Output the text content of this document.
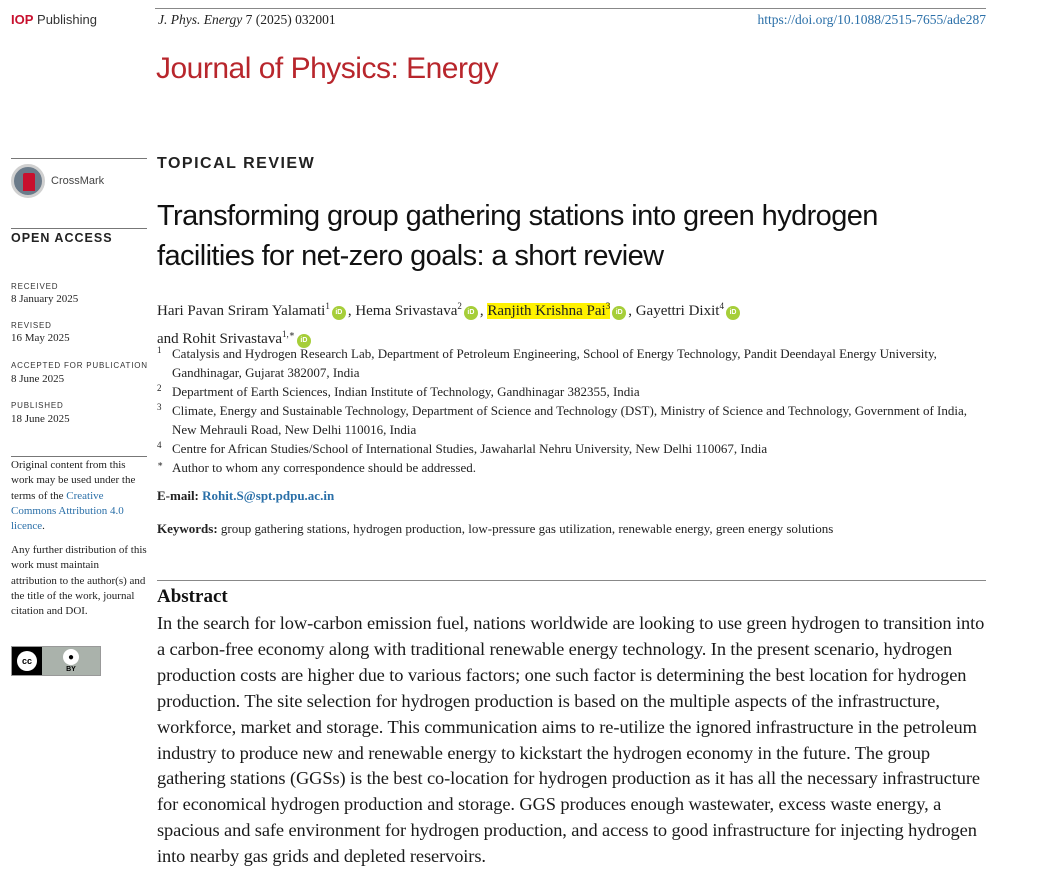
IOP Publishing	J. Phys. Energy 7 (2025) 032001	https://doi.org/10.1088/2515-7655/ade287
Journal of Physics: Energy
CrossMark
OPEN ACCESS
RECEIVED
8 January 2025
REVISED
16 May 2025
ACCEPTED FOR PUBLICATION
8 June 2025
PUBLISHED
18 June 2025
Original content from this work may be used under the terms of the Creative Commons Attribution 4.0 licence.
Any further distribution of this work must maintain attribution to the author(s) and the title of the work, journal citation and DOI.
cc	●
BY
TOPICAL REVIEW
Transforming group gathering stations into green hydrogen
facilities for net-zero goals: a short review
Hari Pavan Sriram Yalamati$^1$iD , Hema Srivastava$^2$iD , Ranjith Krishna Pai$^3$iD , Gayettri Dixit$^4$iD
and Rohit Srivastava$^{1,∗}$iD
1 Catalysis and Hydrogen Research Lab, Department of Petroleum Engineering, School of Energy Technology, Pandit Deendayal Energy University, Gandhinagar, Gujarat 382007, India
2 Department of Earth Sciences, Indian Institute of Technology, Gandhinagar 382355, India
3 Climate, Energy and Sustainable Technology, Department of Science and Technology (DST), Ministry of Science and Technology, Government of India, New Mehrauli Road, New Delhi 110016, India
4 Centre for African Studies/School of International Studies, Jawaharlal Nehru University, New Delhi 110067, India
∗ Author to whom any correspondence should be addressed.
E-mail: Rohit.S@spt.pdpu.ac.in
Keywords: group gathering stations, hydrogen production, low-pressure gas utilization, renewable energy, green energy solutions
Abstract
In the search for low-carbon emission fuel, nations worldwide are looking to use green hydrogen to transition into a carbon-free economy along with traditional renewable energy technology. In the present scenario, hydrogen production costs are higher due to various factors; one such factor is determining the best location for hydrogen production. The site selection for hydrogen production is based on the multiple aspects of the infrastructure, workforce, market and storage. This communication aims to re-utilize the ignored infrastructure in the petroleum industry to produce new and renewable energy to kickstart the hydrogen economy in the future. The group gathering stations (GGSs) is the best co-location for hydrogen production as it has all the necessary infrastructure for economical hydrogen production and storage. GGS produces enough wastewater, excess waste energy, a spacious and safe environment for hydrogen production, and access to good infrastructure for injecting hydrogen into nearby gas grids and depleted reservoirs.
